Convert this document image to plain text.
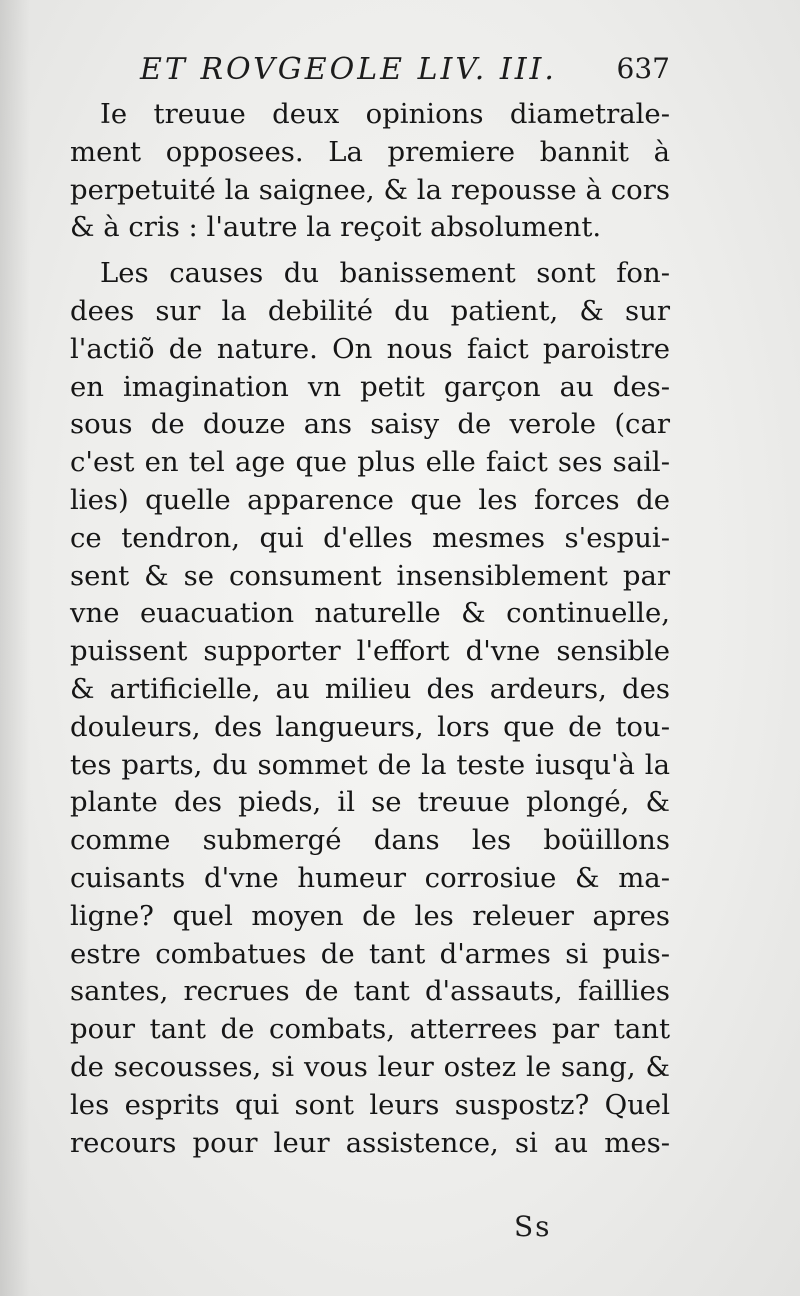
ET ROVGEOLE LIV. III. 637
Ie treuue deux opinions diametrale-
ment opposees. La premiere bannit à
perpetuité la saignee, & la repousse à cors
& à cris : l'autre la reçoit absolument.
Les causes du banissement sont fon-
dees sur la debilité du patient, & sur
l'actiõ de nature. On nous faict paroistre
en imagination vn petit garçon au des-
sous de douze ans saisy de verole (car
c'est en tel age que plus elle faict ses sail-
lies) quelle apparence que les forces de
ce tendron, qui d'elles mesmes s'espui-
sent & se consument insensiblement par
vne euacuation naturelle & continuelle,
puissent supporter l'effort d'vne sensible
& artificielle, au milieu des ardeurs, des
douleurs, des langueurs, lors que de tou-
tes parts, du sommet de la teste iusqu'à la
plante des pieds, il se treuue plongé, &
comme submergé dans les boüillons
cuisants d'vne humeur corrosiue & ma-
ligne? quel moyen de les releuer apres
estre combatues de tant d'armes si puis-
santes, recrues de tant d'assauts, faillies
pour tant de combats, atterrees par tant
de secousses, si vous leur ostez le sang, &
les esprits qui sont leurs suspostz? Quel
recours pour leur assistence, si au mes-
Ss
